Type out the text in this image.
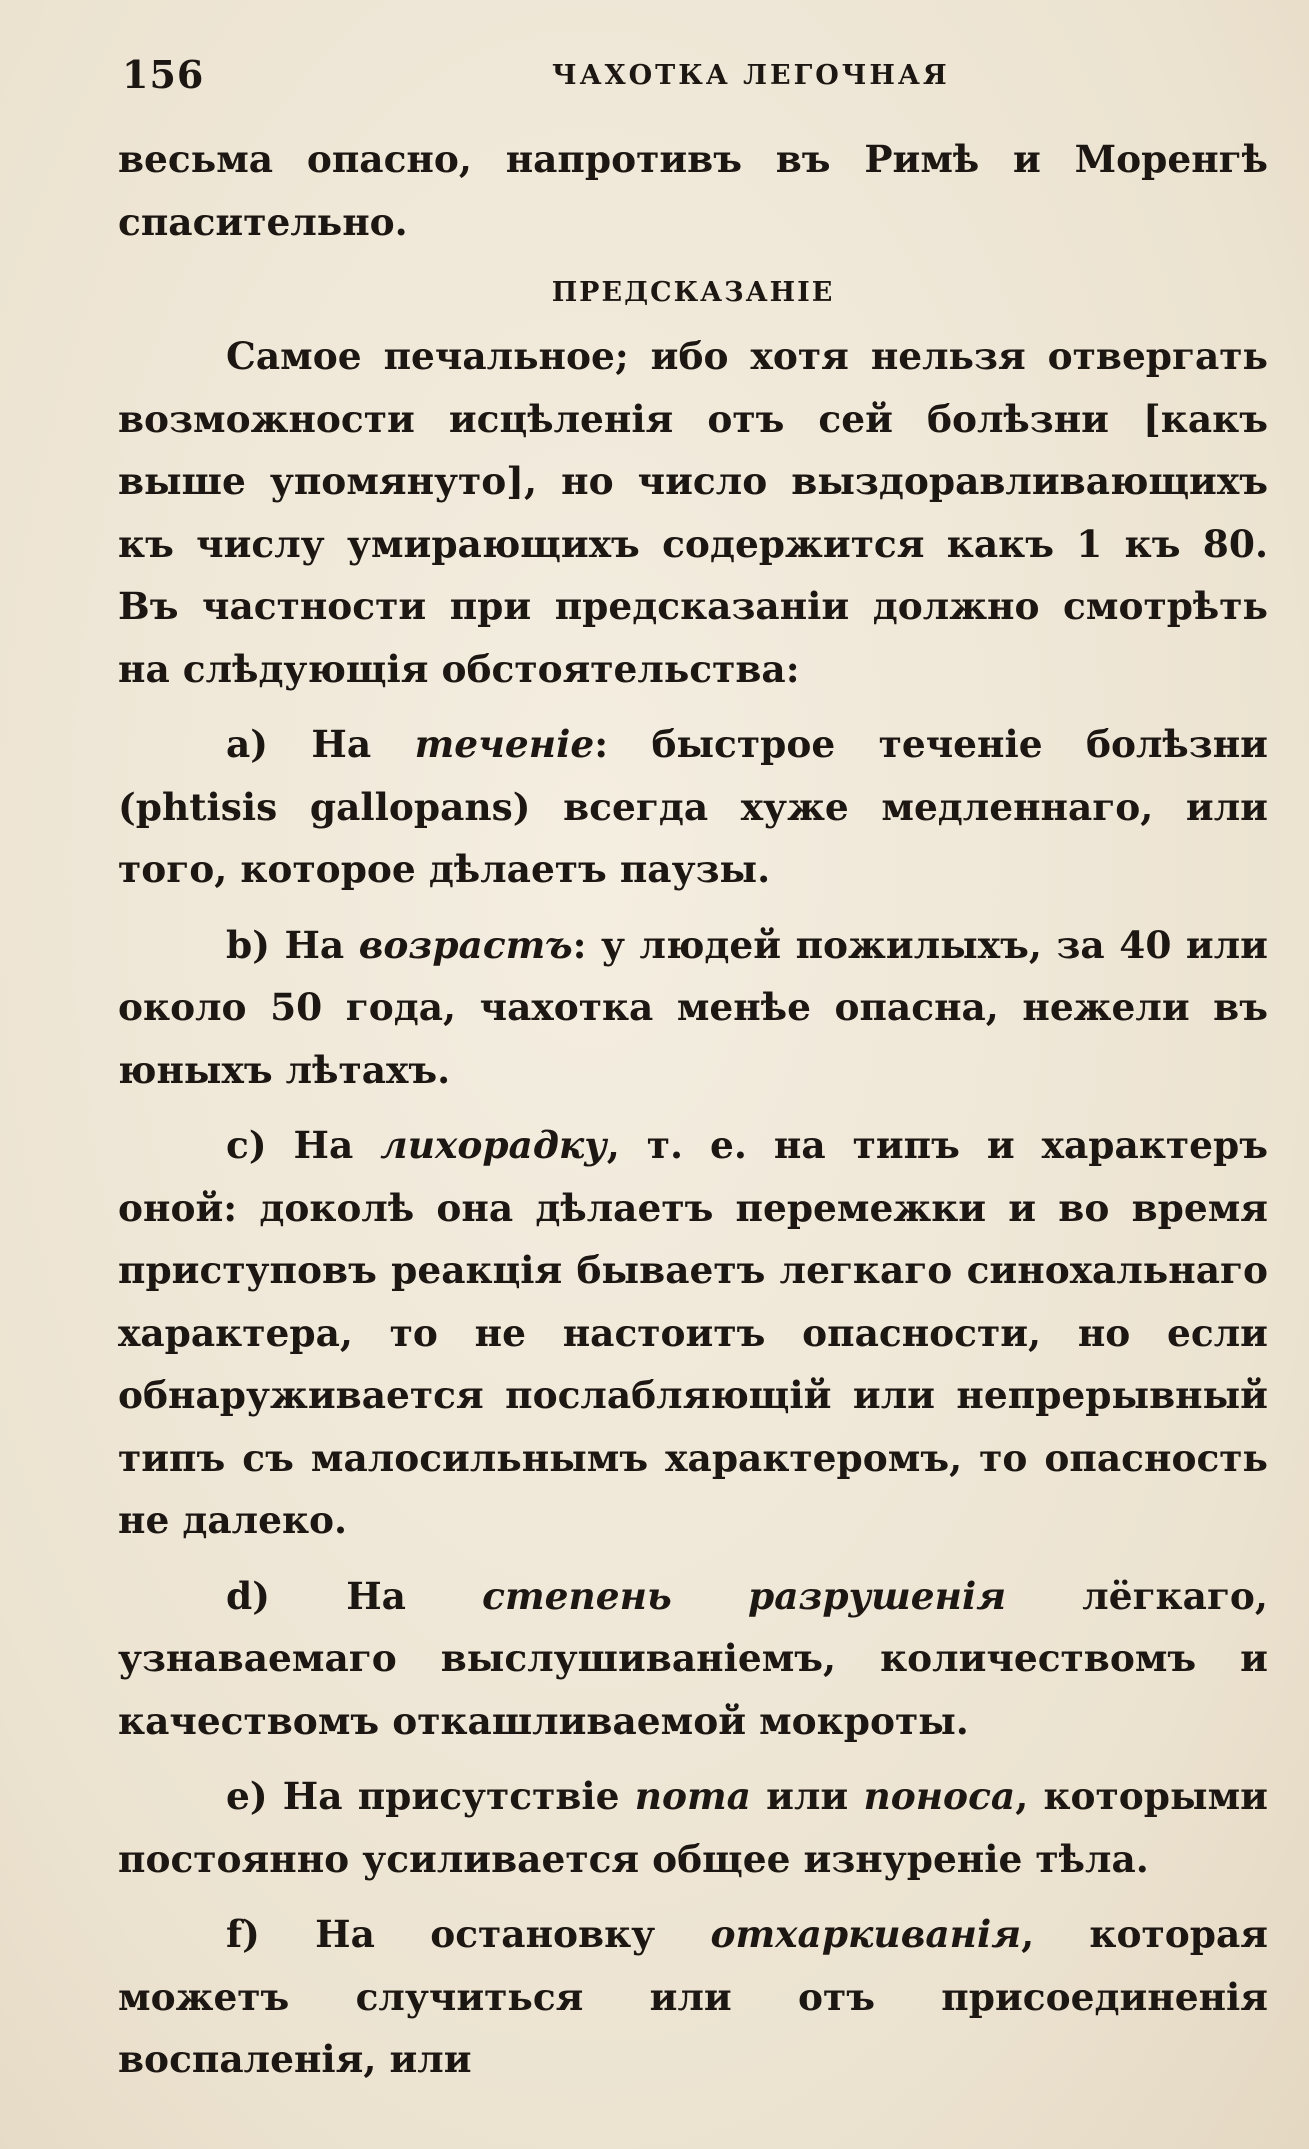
156	ЧАХОТКА ЛЕГОЧНАЯ

весьма опасно, напротивъ въ Римѣ и Моренгѣ спасительно.

ПРЕДСКАЗАНІЕ

Самое печальное; ибо хотя нельзя отвергать возможности исцѣленія отъ сей болѣзни [какъ выше упомянуто], но число выздоравливающихъ къ числу умирающихъ содержится какъ 1 къ 80. Въ частности при предсказаніи должно смотрѣть на слѣдующія обстоятельства:

a) На теченіе: быстрое теченіе болѣзни (phtisis gallopans) всегда хуже медленнаго, или того, которое дѣлаетъ паузы.

b) На возрастъ: у людей пожилыхъ, за 40 или около 50 года, чахотка менѣе опасна, нежели въ юныхъ лѣтахъ.

c) На лихорадку, т. е. на типъ и характеръ оной: доколѣ она дѣлаетъ перемежки и во время приступовъ реакція бываетъ легкаго синохальнаго характера, то не настоитъ опасности, но если обнаруживается послабляющій или непрерывный типъ съ малосильнымъ характеромъ, то опасность не далеко.

d) На степень разрушенія лёгкаго, узнаваемаго выслушиваніемъ, количествомъ и качествомъ откашливаемой мокроты.

e) На присутствіе пота или поноса, которыми постоянно усиливается общее изнуреніе тѣла.

f) На остановку отхаркиванія, которая можетъ случиться или отъ присоединенія воспаленія, или
